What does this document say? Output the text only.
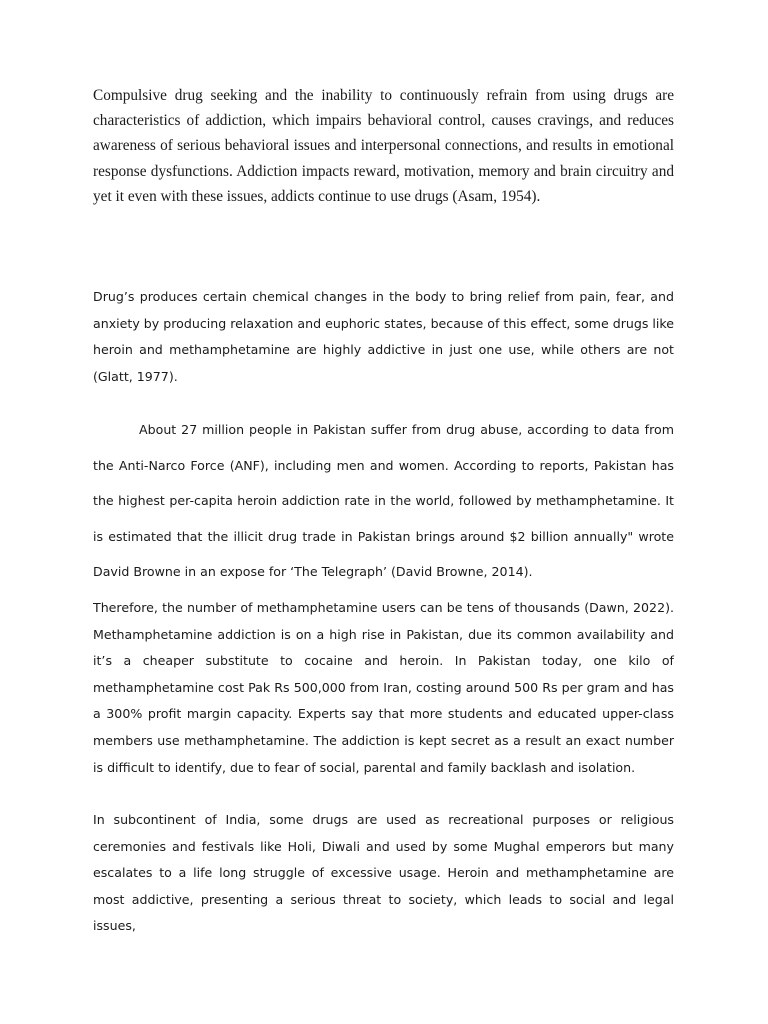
Compulsive drug seeking and the inability to continuously refrain from using drugs are characteristics of addiction, which impairs behavioral control, causes cravings, and reduces awareness of serious behavioral issues and interpersonal connections, and results in emotional response dysfunctions. Addiction impacts reward, motivation, memory and brain circuitry and yet it even with these issues, addicts continue to use drugs (Asam, 1954).

Drug’s produces certain chemical changes in the body to bring relief from pain, fear, and anxiety by producing relaxation and euphoric states, because of this effect, some drugs like heroin and methamphetamine are highly addictive in just one use, while others are not (Glatt, 1977).

About 27 million people in Pakistan suffer from drug abuse, according to data from the Anti-Narco Force (ANF), including men and women. According to reports, Pakistan has the highest per-capita heroin addiction rate in the world, followed by methamphetamine. It is estimated that the illicit drug trade in Pakistan brings around $2 billion annually" wrote David Browne in an expose for ‘The Telegraph’ (David Browne, 2014).

Therefore, the number of methamphetamine users can be tens of thousands (Dawn, 2022). Methamphetamine addiction is on a high rise in Pakistan, due its common availability and it’s a cheaper substitute to cocaine and heroin. In Pakistan today, one kilo of methamphetamine cost Pak Rs 500,000 from Iran, costing around 500 Rs per gram and has a 300% profit margin capacity. Experts say that more students and educated upper-class members use methamphetamine. The addiction is kept secret as a result an exact number is difficult to identify, due to fear of social, parental and family backlash and isolation.

In subcontinent of India, some drugs are used as recreational purposes or religious ceremonies and festivals like Holi, Diwali and used by some Mughal emperors but many escalates to a life long struggle of excessive usage. Heroin and methamphetamine are most addictive, presenting a serious threat to society, which leads to social and legal issues,
